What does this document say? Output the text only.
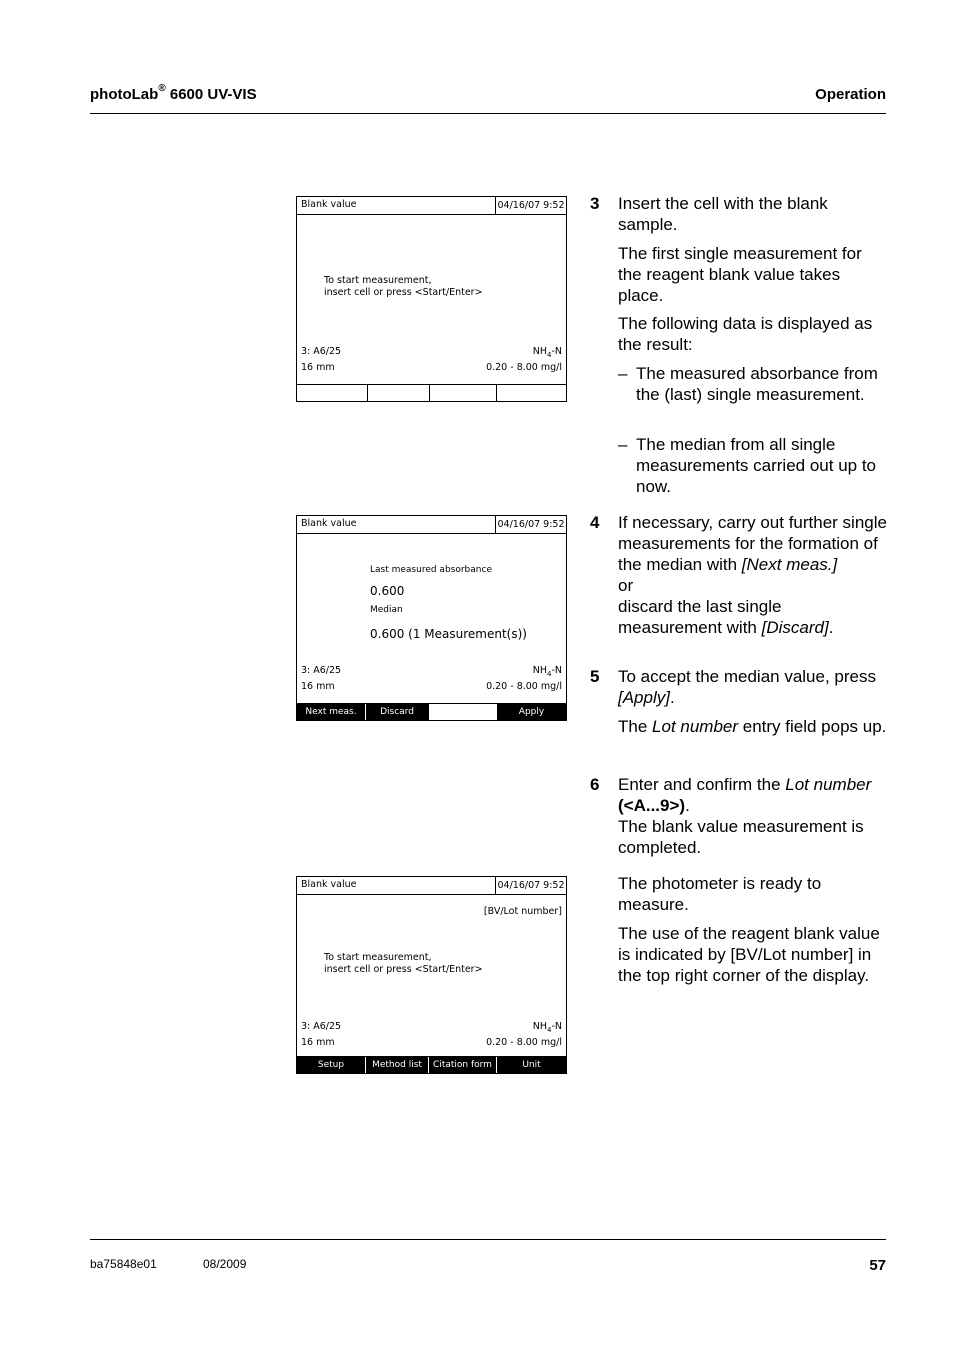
photoLab® 6600 UV-VIS	Operation
Blank value	04/16/07 9:52
To start measurement,
insert cell or press <Start/Enter>
3: A6/25	$NH_4-N$
16 mm	0.20 - 8.00 mg/l
Blank value	04/16/07 9:52
Last measured absorbance
0.600
Median
0.600 (1 Measurement(s))
3: A6/25	$NH_4-N$
16 mm	0.20 - 8.00 mg/l
Next meas.	Discard	Apply
Blank value	04/16/07 9:52
[BV/Lot number]
To start measurement,
insert cell or press <Start/Enter>
3: A6/25	$NH_4-N$
16 mm	0.20 - 8.00 mg/l
Setup	Method list	Citation form	Unit
3 Insert the cell with the blank sample.
The first single measurement for the reagent blank value takes place.
The following data is displayed as the result:
– The measured absorbance from the (last) single measurement.
– The median from all single measurements carried out up to now.
4 If necessary, carry out further single measurements for the formation of the median with [Next meas.]
or
discard the last single measurement with [Discard].
5 To accept the median value, press [Apply].
The Lot number entry field pops up.
6 Enter and confirm the Lot number
(<A...9>).
The blank value measurement is completed.
The photometer is ready to measure.
The use of the reagent blank value is indicated by [BV/Lot number] in the top right corner of the display.
ba75848e01	08/2009	57
